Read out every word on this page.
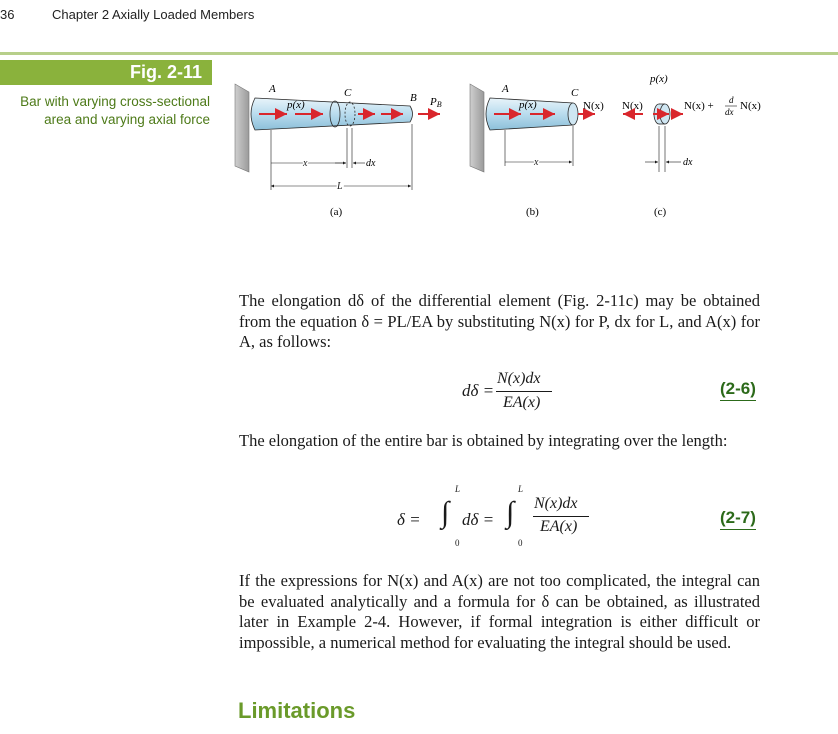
36	Chapter 2 Axially Loaded Members
Fig. 2-11
Bar with varying cross-sectional area and varying axial force
A
p(x)
C	B PB
x	dx
L
(a)
A
p(x)
C
N(x)
x
(b)
p(x)
N(x)	N(x) + d
dx N(x)
dx
(c)
The elongation dδ of the differential element (Fig. 2-11c) may be obtained from the equation δ = PL/EA by substituting N(x) for P, dx for L, and A(x) for A, as follows:
dδ =
N(x)dx
EA(x)
(2-6)
The elongation of the entire bar is obtained by integrating over the length:
δ =
L
∫
0
dδ =
L
∫
0
N(x)dx
EA(x)	(2-7)
If the expressions for N(x) and A(x) are not too complicated, the integral can be evaluated analytically and a formula for δ can be obtained, as illustrated later in Example 2-4. However, if formal integration is either difficult or impossible, a numerical method for evaluating the integral should be used.
Limitations
